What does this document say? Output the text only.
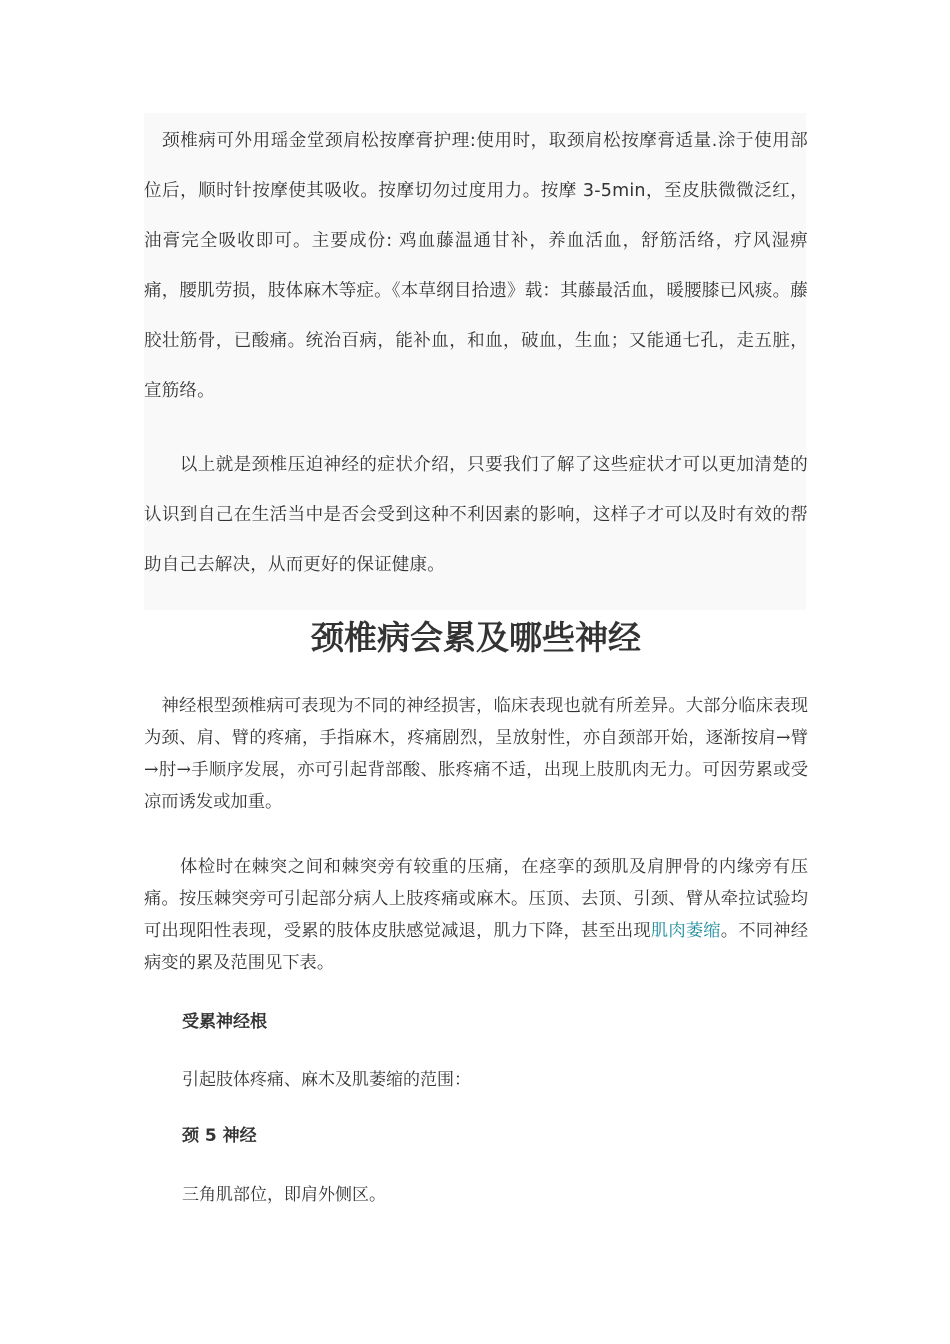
　颈椎病可外用瑶金堂颈肩松按摩膏护理:使用时，取颈肩松按摩膏适量.涂于使用部位后，顺时针按摩使其吸收。按摩切勿过度用力。按摩 3-5min，至皮肤微微泛红，油膏完全吸收即可。主要成份: 鸡血藤温通甘补，养血活血，舒筋活络，疗风湿痹痛，腰肌劳损，肢体麻木等症。《本草纲目拾遗》载：其藤最活血，暖腰膝已风痰。藤胶壮筋骨，已酸痛。统治百病，能补血，和血，破血，生血；又能通七孔，走五脏，宣筋络。

　　以上就是颈椎压迫神经的症状介绍，只要我们了解了这些症状才可以更加清楚的认识到自己在生活当中是否会受到这种不利因素的影响，这样子才可以及时有效的帮助自己去解决，从而更好的保证健康。

颈椎病会累及哪些神经

　神经根型颈椎病可表现为不同的神经损害，临床表现也就有所差异。大部分临床表现为颈、肩、臂的疼痛，手指麻木，疼痛剧烈，呈放射性，亦自颈部开始，逐渐按肩→臂→肘→手顺序发展，亦可引起背部酸、胀疼痛不适，出现上肢肌肉无力。可因劳累或受凉而诱发或加重。

　　体检时在棘突之间和棘突旁有较重的压痛，在痉挛的颈肌及肩胛骨的内缘旁有压痛。按压棘突旁可引起部分病人上肢疼痛或麻木。压顶、去顶、引颈、臂从牵拉试验均可出现阳性表现，受累的肢体皮肤感觉减退，肌力下降，甚至出现肌肉萎缩。不同神经病变的累及范围见下表。

受累神经根

引起肢体疼痛、麻木及肌萎缩的范围：

颈 5 神经

三角肌部位，即肩外侧区。
